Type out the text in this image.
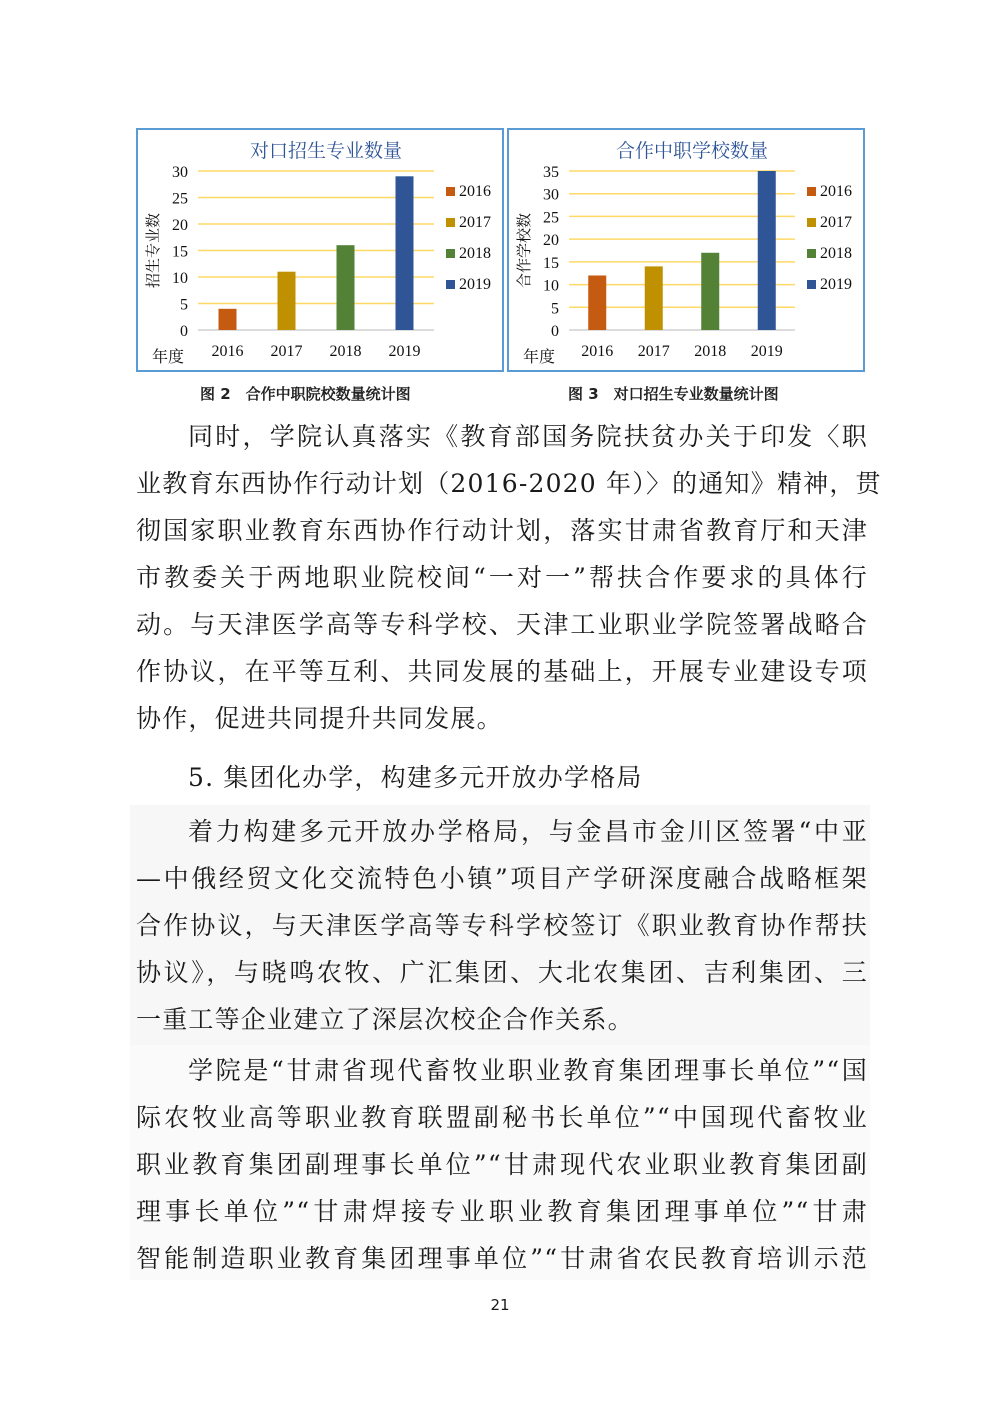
对口招生专业数量
0
5
10
15
20
25
30
招生专业数
2016 2017 2018 2019
年度
2016
2017
2018
2019
合作中职学校数量
0
5
10
15
20
25
30
35
合作学校数
2016 2017 2018 2019
年度
2016
2017
2018
2019
图 2　合作中职院校数量统计图	图 3　对口招生专业数量统计图
同时，学院认真落实《教育部国务院扶贫办关于印发〈职
业教育东西协作行动计划（2016-2020 年）〉的通知》精神，贯
彻国家职业教育东西协作行动计划，落实甘肃省教育厅和天津
市教委关于两地职业院校间“一对一”帮扶合作要求的具体行
动。与天津医学高等专科学校、天津工业职业学院签署战略合
作协议，在平等互利、共同发展的基础上，开展专业建设专项
协作，促进共同提升共同发展。
5. 集团化办学，构建多元开放办学格局
着力构建多元开放办学格局，与金昌市金川区签署“中亚
—中俄经贸文化交流特色小镇”项目产学研深度融合战略框架
合作协议，与天津医学高等专科学校签订《职业教育协作帮扶
协议》，与晓鸣农牧、广汇集团、大北农集团、吉利集团、三
一重工等企业建立了深层次校企合作关系。
学院是“甘肃省现代畜牧业职业教育集团理事长单位”“国
际农牧业高等职业教育联盟副秘书长单位”“中国现代畜牧业
职业教育集团副理事长单位”“甘肃现代农业职业教育集团副
理事长单位”“甘肃焊接专业职业教育集团理事单位”“甘肃
智能制造职业教育集团理事单位”“甘肃省农民教育培训示范
21
